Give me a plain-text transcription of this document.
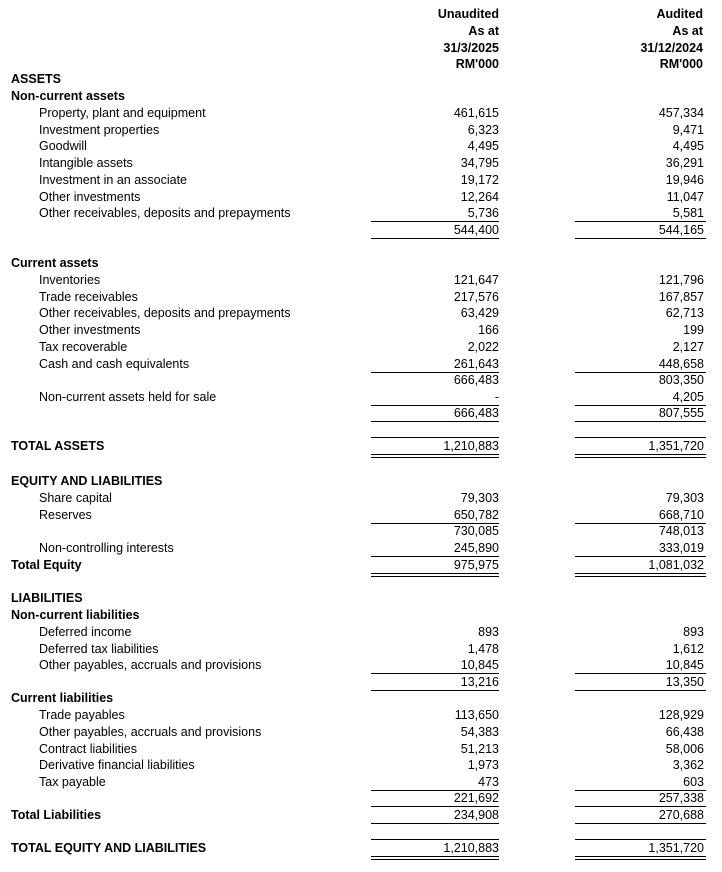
Unaudited
As at
31/3/2025
RM'000
Audited
As at
31/12/2024
RM'000
ASSETS
Non-current assets
Property, plant and equipment	461,615	457,334
Investment properties	6,323	9,471
Goodwill	4,495	4,495
Intangible assets	34,795	36,291
Investment in an associate	19,172	19,946
Other investments	12,264	11,047
Other receivables, deposits and prepayments	5,736	5,581
544,400	544,165
Current assets
Inventories	121,647	121,796
Trade receivables	217,576	167,857
Other receivables, deposits and prepayments	63,429	62,713
Other investments	166	199
Tax recoverable	2,022	2,127
Cash and cash equivalents	261,643	448,658
666,483	803,350
Non-current assets held for sale	-	4,205
666,483	807,555
TOTAL ASSETS	1,210,883	1,351,720
EQUITY AND LIABILITIES
Share capital	79,303	79,303
Reserves	650,782	668,710
730,085	748,013
Non-controlling interests	245,890	333,019
Total Equity	975,975	1,081,032
LIABILITIES
Non-current liabilities
Deferred income	893	893
Deferred tax liabilities	1,478	1,612
Other payables, accruals and provisions	10,845	10,845
13,216	13,350
Current liabilities
Trade payables	113,650	128,929
Other payables, accruals and provisions	54,383	66,438
Contract liabilities	51,213	58,006
Derivative financial liabilities	1,973	3,362
Tax payable	473	603
221,692	257,338
Total Liabilities	234,908	270,688
TOTAL EQUITY AND LIABILITIES	1,210,883	1,351,720
